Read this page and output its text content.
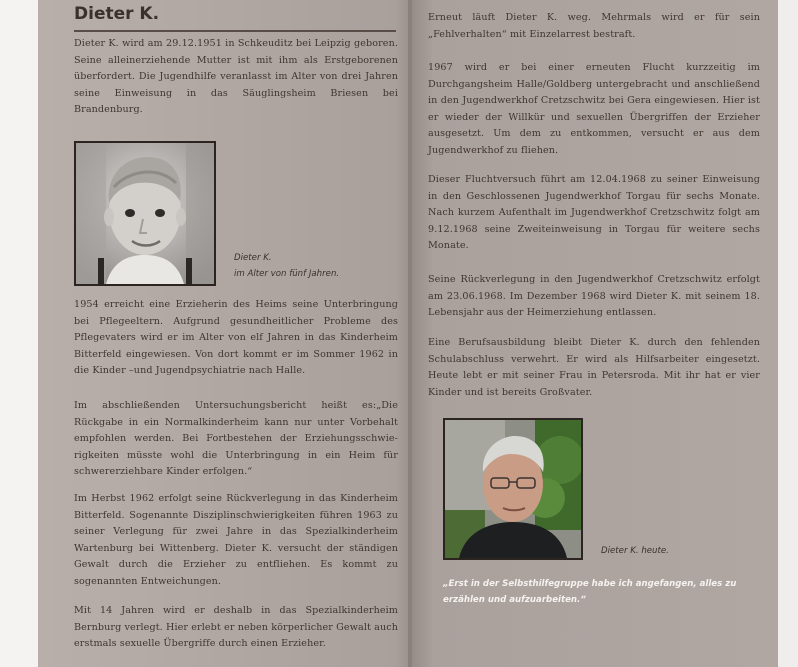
Dieter K.

Dieter K. wird am 29.12.1951 in Schkeuditz bei Leipzig geboren. Seine alleinerziehende Mutter ist mit ihm als Erstgeborenen überfordert. Die Jugendhilfe veranlasst im Alter von drei Jahren seine Einweisung in das Säuglingsheim Briesen bei Brandenburg.

Dieter K.
im Alter von fünf Jahren.

1954 erreicht eine Erzieherin des Heims seine Unterbringung bei Pflegeeltern. Aufgrund gesundheitlicher Probleme des Pflegevaters wird er im Alter von elf Jahren in das Kinderheim Bitterfeld eingewiesen. Von dort kommt er im Sommer 1962 in die Kinder –und Jugendpsychiatrie nach Halle.

Im abschließenden Untersuchungsbericht heißt es:„Die Rückgabe in ein Normalkinderheim kann nur unter Vorbehalt empfohlen werden. Bei Fortbestehen der Erziehungsschwie-rigkeiten müsste wohl die Unterbringung in ein Heim für schwererziehbare Kinder erfolgen.“

Im Herbst 1962 erfolgt seine Rückverlegung in das Kinderheim Bitterfeld. Sogenannte Disziplinschwierigkeiten führen 1963 zu seiner Verlegung für zwei Jahre in das Spezialkinderheim Wartenburg bei Wittenberg. Dieter K. versucht der ständigen Gewalt durch die Erzieher zu entfliehen. Es kommt zu sogenannten Entweichungen.

Mit 14 Jahren wird er deshalb in das Spezialkinderheim Bernburg verlegt. Hier erlebt er neben körperlicher Gewalt auch erstmals sexuelle Übergriffe durch einen Erzieher.

Erneut läuft Dieter K. weg. Mehrmals wird er für sein „Fehlverhalten“ mit Einzelarrest bestraft.

1967 wird er bei einer erneuten Flucht kurzzeitig im Durchgangsheim Halle/Goldberg untergebracht und anschließend in den Jugendwerkhof Cretzschwitz bei Gera eingewiesen. Hier ist er wieder der Willkür und sexuellen Übergriffen der Erzieher ausgesetzt. Um dem zu entkommen, versucht er aus dem Jugendwerkhof zu fliehen.

Dieser Fluchtversuch führt am 12.04.1968 zu seiner Einweisung in den Geschlossenen Jugendwerkhof Torgau für sechs Monate. Nach kurzem Aufenthalt im Jugendwerkhof Cretzschwitz folgt am 9.12.1968 seine Zweiteinweisung in Torgau für weitere sechs Monate.

Seine Rückverlegung in den Jugendwerkhof Cretzschwitz erfolgt am 23.06.1968. Im Dezember 1968 wird Dieter K. mit seinem 18. Lebensjahr aus der Heimerziehung entlassen.

Eine Berufsausbildung bleibt Dieter K. durch den fehlenden Schulabschluss verwehrt. Er wird als Hilfsarbeiter eingesetzt. Heute lebt er mit seiner Frau in Petersroda. Mit ihr hat er vier Kinder und ist bereits Großvater.

Dieter K. heute.

„Erst in der Selbsthilfegruppe habe ich angefangen, alles zu erzählen und aufzuarbeiten.“
